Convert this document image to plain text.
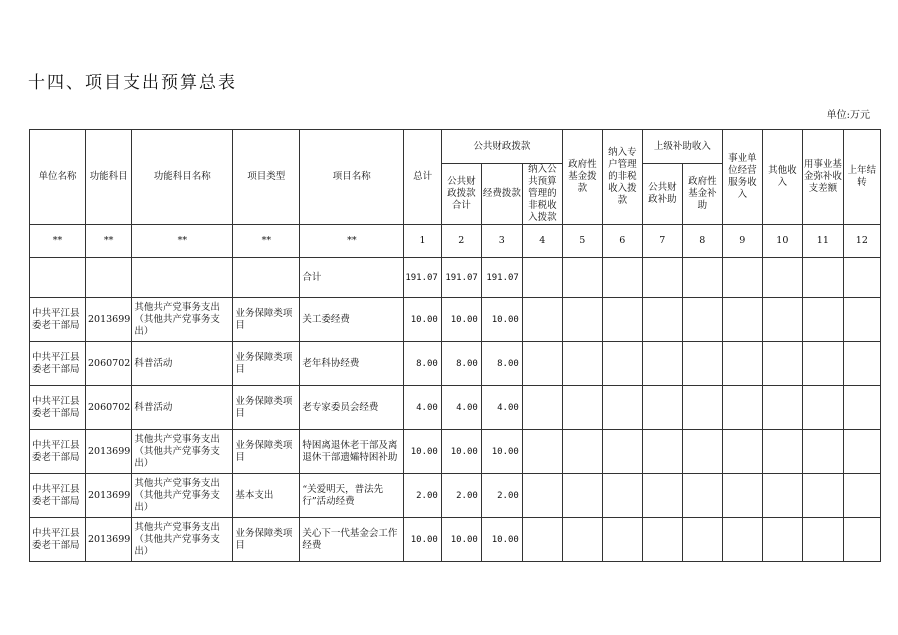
十四、项目支出预算总表
单位:万元
单位名称	功能科目	功能科目名称	项目类型	项目名称	总计	公共财政拨款			政府性基金拨款	纳入专户管理的非税收入拨款	上级补助收入		事业单位经营服务收入	其他收入	用事业基金弥补收支差额	上年结转
						公共财政拨款合计	经费拨款	纳入公共预算管理的非税收入拨款								
											公共财政补助	政府性基金补助				
**	**	**	**	**	1	2	3	4	5	6	7	8	9	10	11	12
				合计	191.07	191.07	191.07									
中共平江县委老干部局	2013699	其他共产党事务支出（其他共产党事务支出）	业务保障类项目	关工委经费	10.00	10.00	10.00									
中共平江县委老干部局	2060702	科普活动	业务保障类项目	老年科协经费	8.00	8.00	8.00									
中共平江县委老干部局	2060702	科普活动	业务保障类项目	老专家委员会经费	4.00	4.00	4.00									
中共平江县委老干部局	2013699	其他共产党事务支出（其他共产党事务支出）	业务保障类项目	特困离退休老干部及离退休干部遗孀特困补助	10.00	10.00	10.00									
中共平江县委老干部局	2013699	其他共产党事务支出（其他共产党事务支出）	基本支出	“关爱明天，普法先行”活动经费	2.00	2.00	2.00									
中共平江县委老干部局	2013699	其他共产党事务支出（其他共产党事务支出）	业务保障类项目	关心下一代基金会工作经费	10.00	10.00	10.00									
